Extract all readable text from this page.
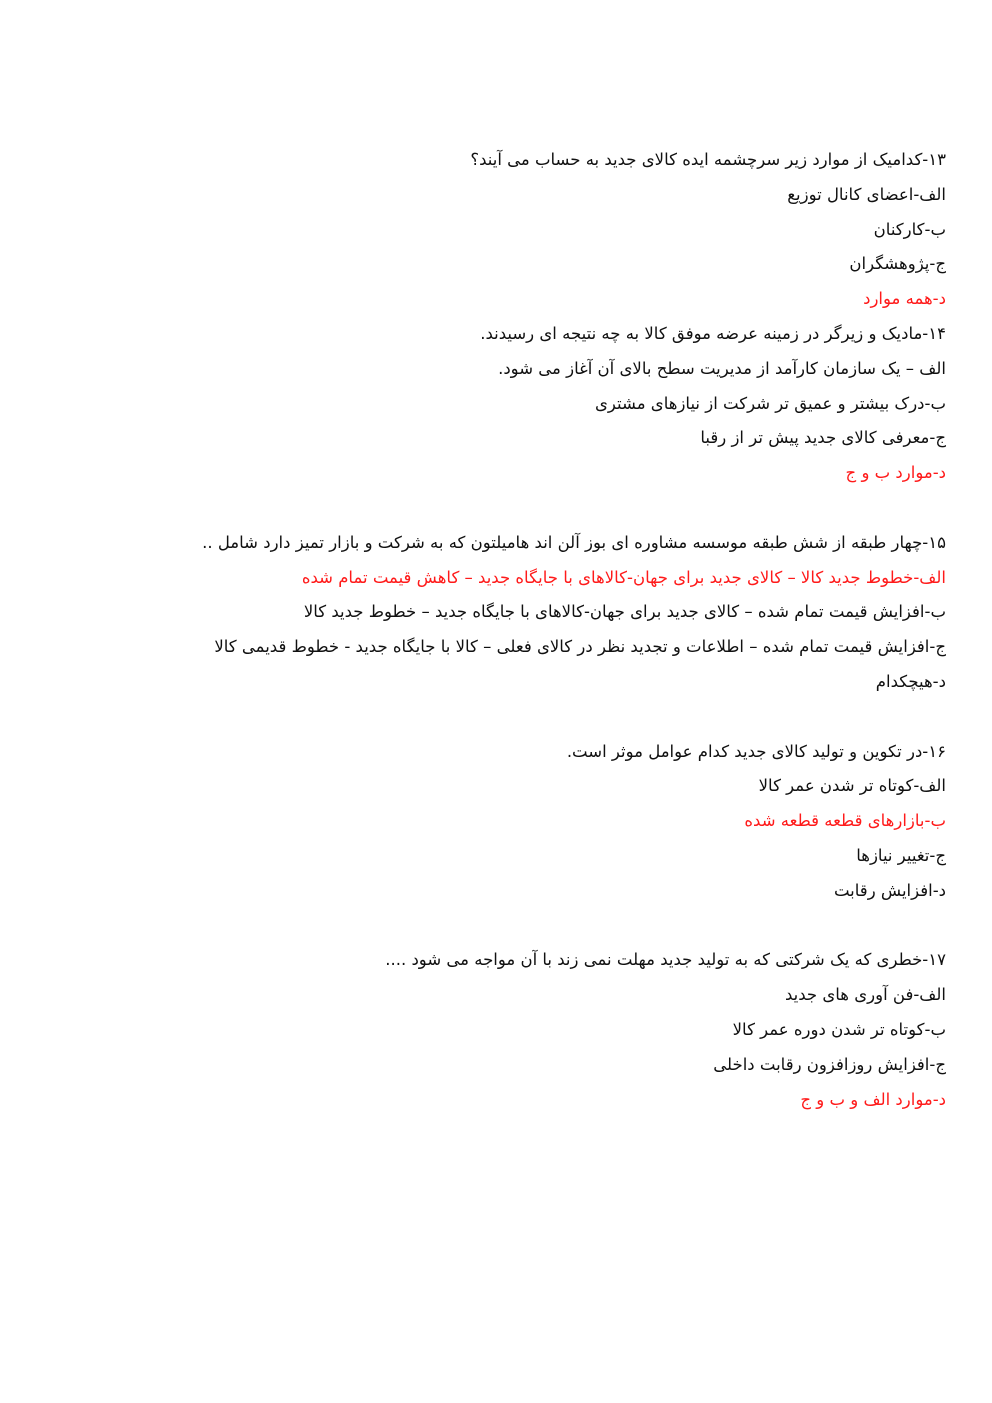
۱۳-کدامیک از موارد زیر سرچشمه ایده کالای جدید به حساب می آیند؟
الف-اعضای کانال توزیع
ب-کارکنان
ج-پژوهشگران
د-همه موارد
۱۴-مادیک و زیرگر در زمینه عرضه موفق کالا به چه نتیجه ای رسیدند.
الف – یک سازمان کارآمد از مدیریت سطح بالای آن آغاز می شود.
ب-درک بیشتر و عمیق تر شرکت از نیازهای مشتری
ج-معرفی کالای جدید پیش تر از رقبا
د-موارد ب و ج
۱۵-چهار طبقه از شش طبقه موسسه مشاوره ای بوز آلن اند هامیلتون که به شرکت و بازار تمیز دارد شامل ..
الف-خطوط جدید کالا – کالای جدید برای جهان-کالاهای با جایگاه جدید – کاهش قیمت تمام شده
ب-افزایش قیمت تمام شده – کالای جدید برای جهان-کالاهای با جایگاه جدید – خطوط جدید کالا
ج-افزایش قیمت تمام شده – اطلاعات و تجدید نظر در کالای فعلی – کالا با جایگاه جدید - خطوط قدیمی کالا
د-هیچکدام
۱۶-در تکوین و تولید کالای جدید کدام عوامل موثر است.
الف-کوتاه تر شدن عمر کالا
ب-بازارهای قطعه قطعه شده
ج-تغییر نیازها
د-افزایش رقابت
۱۷-خطری که یک شرکتی که به تولید جدید مهلت نمی زند با آن مواجه می شود ....
الف-فن آوری های جدید
ب-کوتاه تر شدن دوره عمر کالا
ج-افزایش روزافزون رقابت داخلی
د-موارد الف و ب و ج
